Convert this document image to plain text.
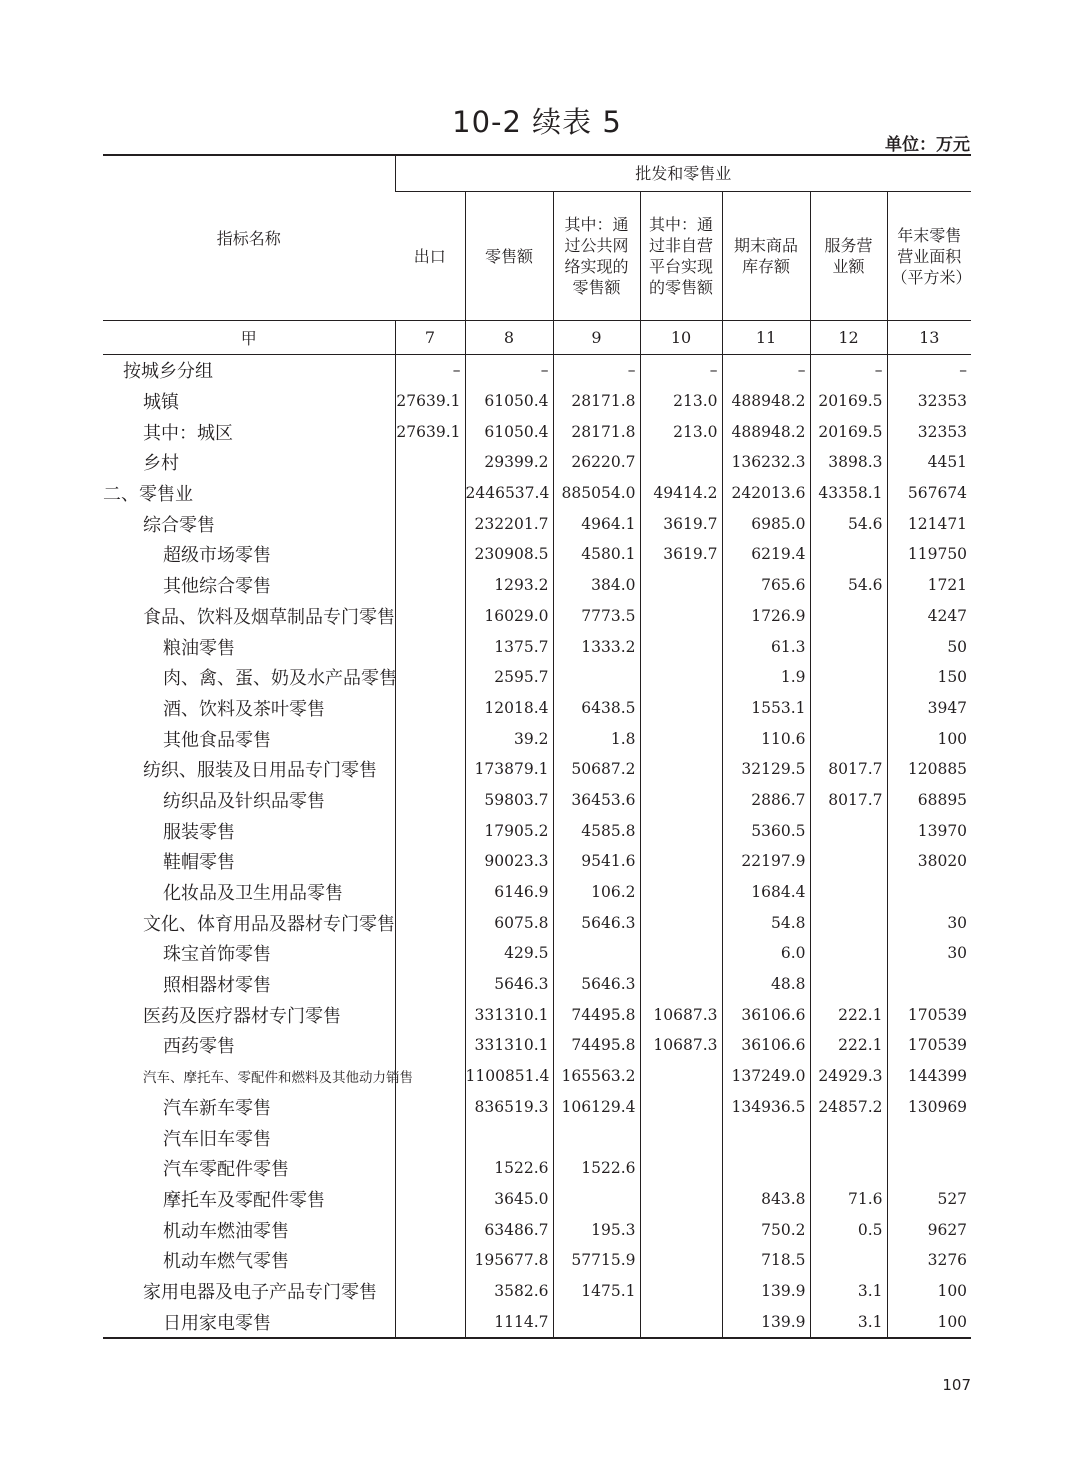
10-2 续表 5
单位：万元
指标名称	批发和零售业						
	出口	零售额	其中：通过公共网络实现的零售额	其中：通过非自营平台实现的零售额	期末商品库存额	服务营业额	年末零售营业面积（平方米）
甲	7	8	9	10	11	12	13
按城乡分组	–	–	–	–	–	–	–
城镇	27639.1	61050.4	28171.8	213.0	488948.2	20169.5	32353
其中：城区	27639.1	61050.4	28171.8	213.0	488948.2	20169.5	32353
乡村		29399.2	26220.7		136232.3	3898.3	4451
二、零售业		2446537.4	885054.0	49414.2	242013.6	43358.1	567674
综合零售		232201.7	4964.1	3619.7	6985.0	54.6	121471
超级市场零售		230908.5	4580.1	3619.7	6219.4		119750
其他综合零售		1293.2	384.0		765.6	54.6	1721
食品、饮料及烟草制品专门零售		16029.0	7773.5		1726.9		4247
粮油零售		1375.7	1333.2		61.3		50
肉、禽、蛋、奶及水产品零售		2595.7			1.9		150
酒、饮料及茶叶零售		12018.4	6438.5		1553.1		3947
其他食品零售		39.2	1.8		110.6		100
纺织、服装及日用品专门零售		173879.1	50687.2		32129.5	8017.7	120885
纺织品及针织品零售		59803.7	36453.6		2886.7	8017.7	68895
服装零售		17905.2	4585.8		5360.5		13970
鞋帽零售		90023.3	9541.6		22197.9		38020
化妆品及卫生用品零售		6146.9	106.2		1684.4		
文化、体育用品及器材专门零售		6075.8	5646.3		54.8		30
珠宝首饰零售		429.5			6.0		30
照相器材零售		5646.3	5646.3		48.8		
医药及医疗器材专门零售		331310.1	74495.8	10687.3	36106.6	222.1	170539
西药零售		331310.1	74495.8	10687.3	36106.6	222.1	170539
汽车、摩托车、零配件和燃料及其他动力销售		1100851.4	165563.2		137249.0	24929.3	144399
汽车新车零售		836519.3	106129.4		134936.5	24857.2	130969
汽车旧车零售							
汽车零配件零售		1522.6	1522.6				
摩托车及零配件零售		3645.0			843.8	71.6	527
机动车燃油零售		63486.7	195.3		750.2	0.5	9627
机动车燃气零售		195677.8	57715.9		718.5		3276
家用电器及电子产品专门零售		3582.6	1475.1		139.9	3.1	100
日用家电零售		1114.7			139.9	3.1	100
107
